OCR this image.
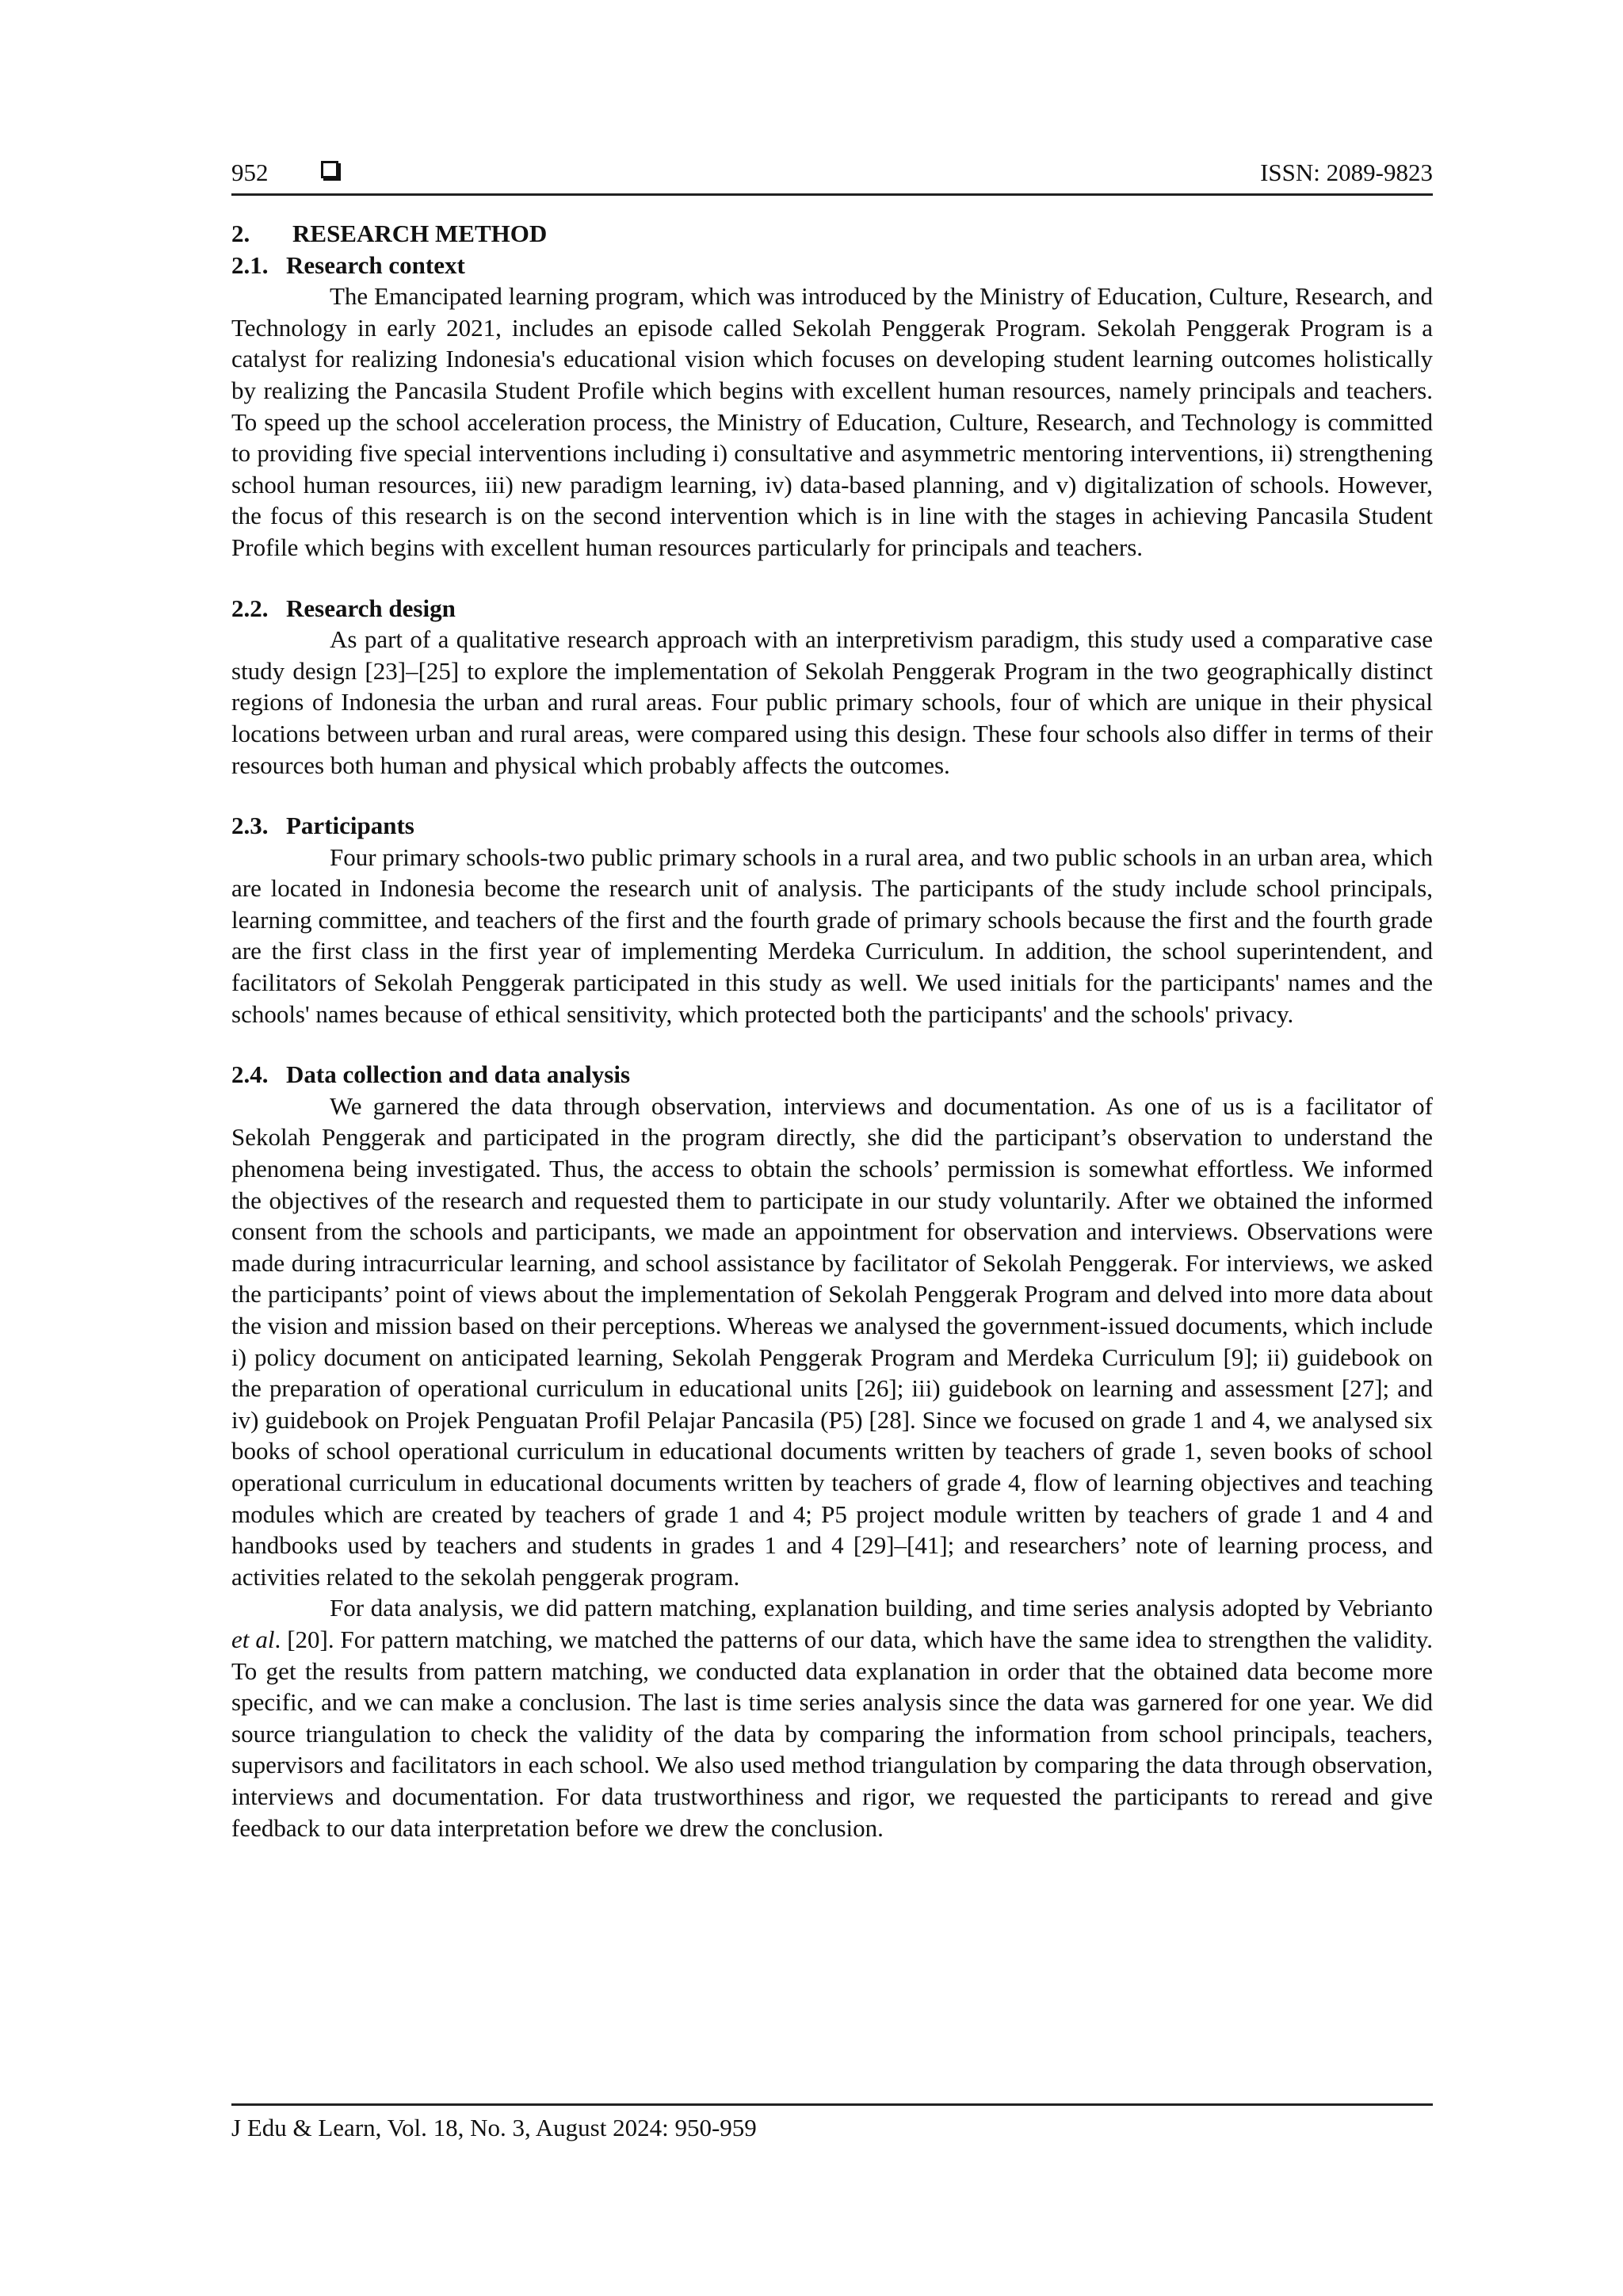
952	ISSN: 2089-9823
2. RESEARCH METHOD
2.1. Research context

The Emancipated learning program, which was introduced by the Ministry of Education, Culture, Research, and Technology in early 2021, includes an episode called Sekolah Penggerak Program. Sekolah Penggerak Program is a catalyst for realizing Indonesia's educational vision which focuses on developing student learning outcomes holistically by realizing the Pancasila Student Profile which begins with excellent human resources, namely principals and teachers. To speed up the school acceleration process, the Ministry of Education, Culture, Research, and Technology is committed to providing five special interventions including i) consultative and asymmetric mentoring interventions, ii) strengthening school human resources, iii) new paradigm learning, iv) data-based planning, and v) digitalization of schools. However, the focus of this research is on the second intervention which is in line with the stages in achieving Pancasila Student Profile which begins with excellent human resources particularly for principals and teachers.

2.2. Research design

As part of a qualitative research approach with an interpretivism paradigm, this study used a comparative case study design [23]–[25] to explore the implementation of Sekolah Penggerak Program in the two geographically distinct regions of Indonesia the urban and rural areas. Four public primary schools, four of which are unique in their physical locations between urban and rural areas, were compared using this design. These four schools also differ in terms of their resources both human and physical which probably affects the outcomes.

2.3. Participants

Four primary schools-two public primary schools in a rural area, and two public schools in an urban area, which are located in Indonesia become the research unit of analysis. The participants of the study include school principals, learning committee, and teachers of the first and the fourth grade of primary schools because the first and the fourth grade are the first class in the first year of implementing Merdeka Curriculum. In addition, the school superintendent, and facilitators of Sekolah Penggerak participated in this study as well. We used initials for the participants' names and the schools' names because of ethical sensitivity, which protected both the participants' and the schools' privacy.

2.4. Data collection and data analysis

We garnered the data through observation, interviews and documentation. As one of us is a facilitator of Sekolah Penggerak and participated in the program directly, she did the participant’s observation to understand the phenomena being investigated. Thus, the access to obtain the schools’ permission is somewhat effortless. We informed the objectives of the research and requested them to participate in our study voluntarily. After we obtained the informed consent from the schools and participants, we made an appointment for observation and interviews. Observations were made during intracurricular learning, and school assistance by facilitator of Sekolah Penggerak. For interviews, we asked the participants’ point of views about the implementation of Sekolah Penggerak Program and delved into more data about the vision and mission based on their perceptions. Whereas we analysed the government-issued documents, which include i) policy document on anticipated learning, Sekolah Penggerak Program and Merdeka Curriculum [9]; ii) guidebook on the preparation of operational curriculum in educational units [26]; iii) guidebook on learning and assessment [27]; and iv) guidebook on Projek Penguatan Profil Pelajar Pancasila (P5) [28]. Since we focused on grade 1 and 4, we analysed six books of school operational curriculum in educational documents written by teachers of grade 1, seven books of school operational curriculum in educational documents written by teachers of grade 4, flow of learning objectives and teaching modules which are created by teachers of grade 1 and 4; P5 project module written by teachers of grade 1 and 4 and handbooks used by teachers and students in grades 1 and 4 [29]–[41]; and researchers’ note of learning process, and activities related to the sekolah penggerak program.

For data analysis, we did pattern matching, explanation building, and time series analysis adopted by Vebrianto et al. [20]. For pattern matching, we matched the patterns of our data, which have the same idea to strengthen the validity. To get the results from pattern matching, we conducted data explanation in order that the obtained data become more specific, and we can make a conclusion. The last is time series analysis since the data was garnered for one year. We did source triangulation to check the validity of the data by comparing the information from school principals, teachers, supervisors and facilitators in each school. We also used method triangulation by comparing the data through observation, interviews and documentation. For data trustworthiness and rigor, we requested the participants to reread and give feedback to our data interpretation before we drew the conclusion.

J Edu & Learn, Vol. 18, No. 3, August 2024: 950-959
